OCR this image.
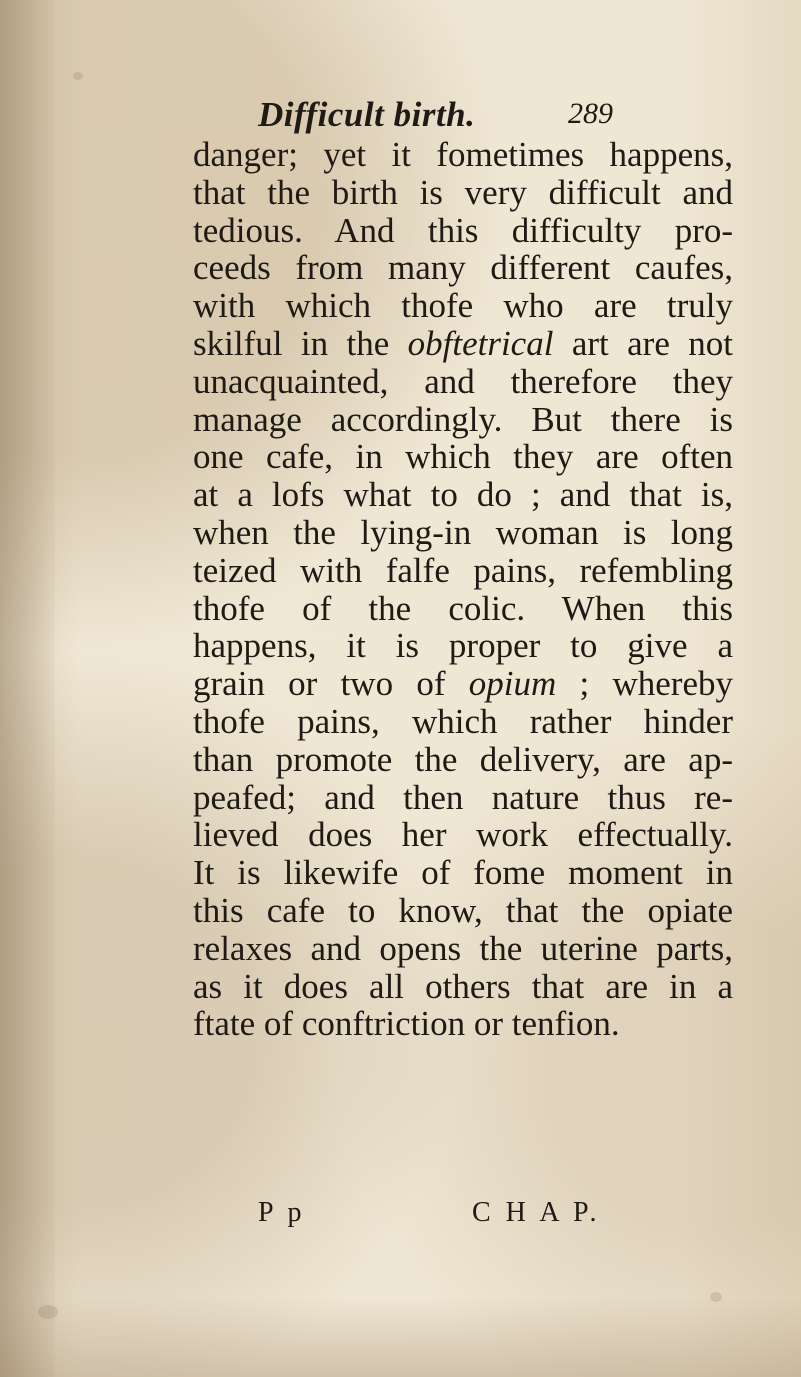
Difficult birth.	289
danger; yet it fometimes happens,
that the birth is very difficult and
tedious. And this difficulty pro-
ceeds from many different caufes,
with which thofe who are truly
skilful in the obftetrical art are not
unacquainted, and therefore they
manage accordingly. But there is
one cafe, in which they are often
at a lofs what to do ; and that is,
when the lying-in woman is long
teized with falfe pains, refembling
thofe of the colic. When this
happens, it is proper to give a
grain or two of opium ; whereby
thofe pains, which rather hinder
than promote the delivery, are ap-
peafed; and then nature thus re-
lieved does her work effectually.
It is likewife of fome moment in
this cafe to know, that the opiate
relaxes and opens the uterine parts,
as it does all others that are in a
ftate of conftriction or tenfion.
P p	C H A P.
